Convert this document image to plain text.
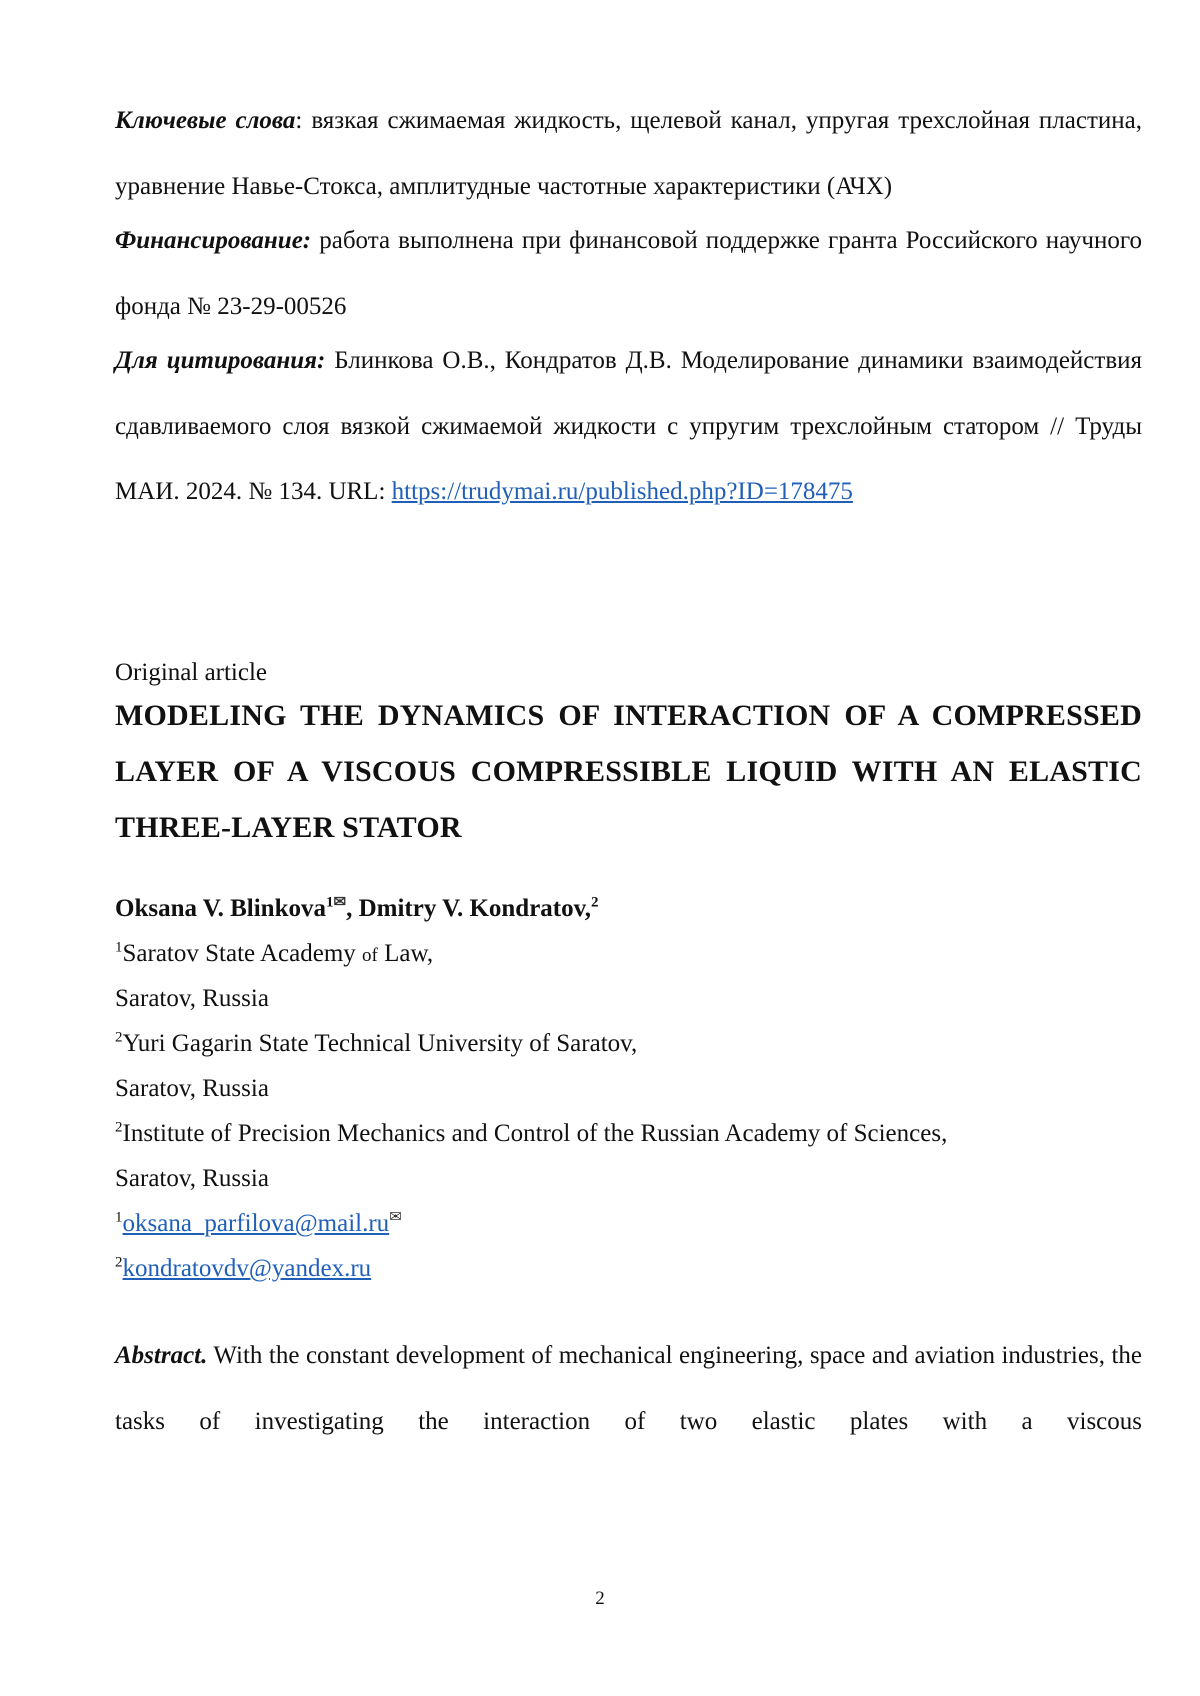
Ключевые слова: вязкая сжимаемая жидкость, щелевой канал, упругая трехслойная пластина, уравнение Навье-Стокса, амплитудные частотные характеристики (АЧХ)

Финансирование: работа выполнена при финансовой поддержке гранта Российского научного фонда № 23-29-00526

Для цитирования: Блинкова О.В., Кондратов Д.В. Моделирование динамики взаимодействия сдавливаемого слоя вязкой сжимаемой жидкости с упругим трехслойным статором // Труды МАИ. 2024. № 134. URL: https://trudymai.ru/published.php?ID=178475

Original article
MODELING THE DYNAMICS OF INTERACTION OF A COMPRESSED LAYER OF A VISCOUS COMPRESSIBLE LIQUID WITH AN ELASTIC THREE-LAYER STATOR
Oksana V. Blinkova$^{1✉}$, Dmitry V. Kondratov,$^2$
$^1$Saratov State Academy of Law,
Saratov, Russia
$^2$Yuri Gagarin State Technical University of Saratov,
Saratov, Russia
$^2$Institute of Precision Mechanics and Control of the Russian Academy of Sciences,
Saratov, Russia
$^1$oksana_parfilova@mail.ru✉
$^2$kondratovdv@yandex.ru

Abstract. With the constant development of mechanical engineering, space and aviation industries, the tasks of investigating the interaction of two elastic plates with a viscous

2
